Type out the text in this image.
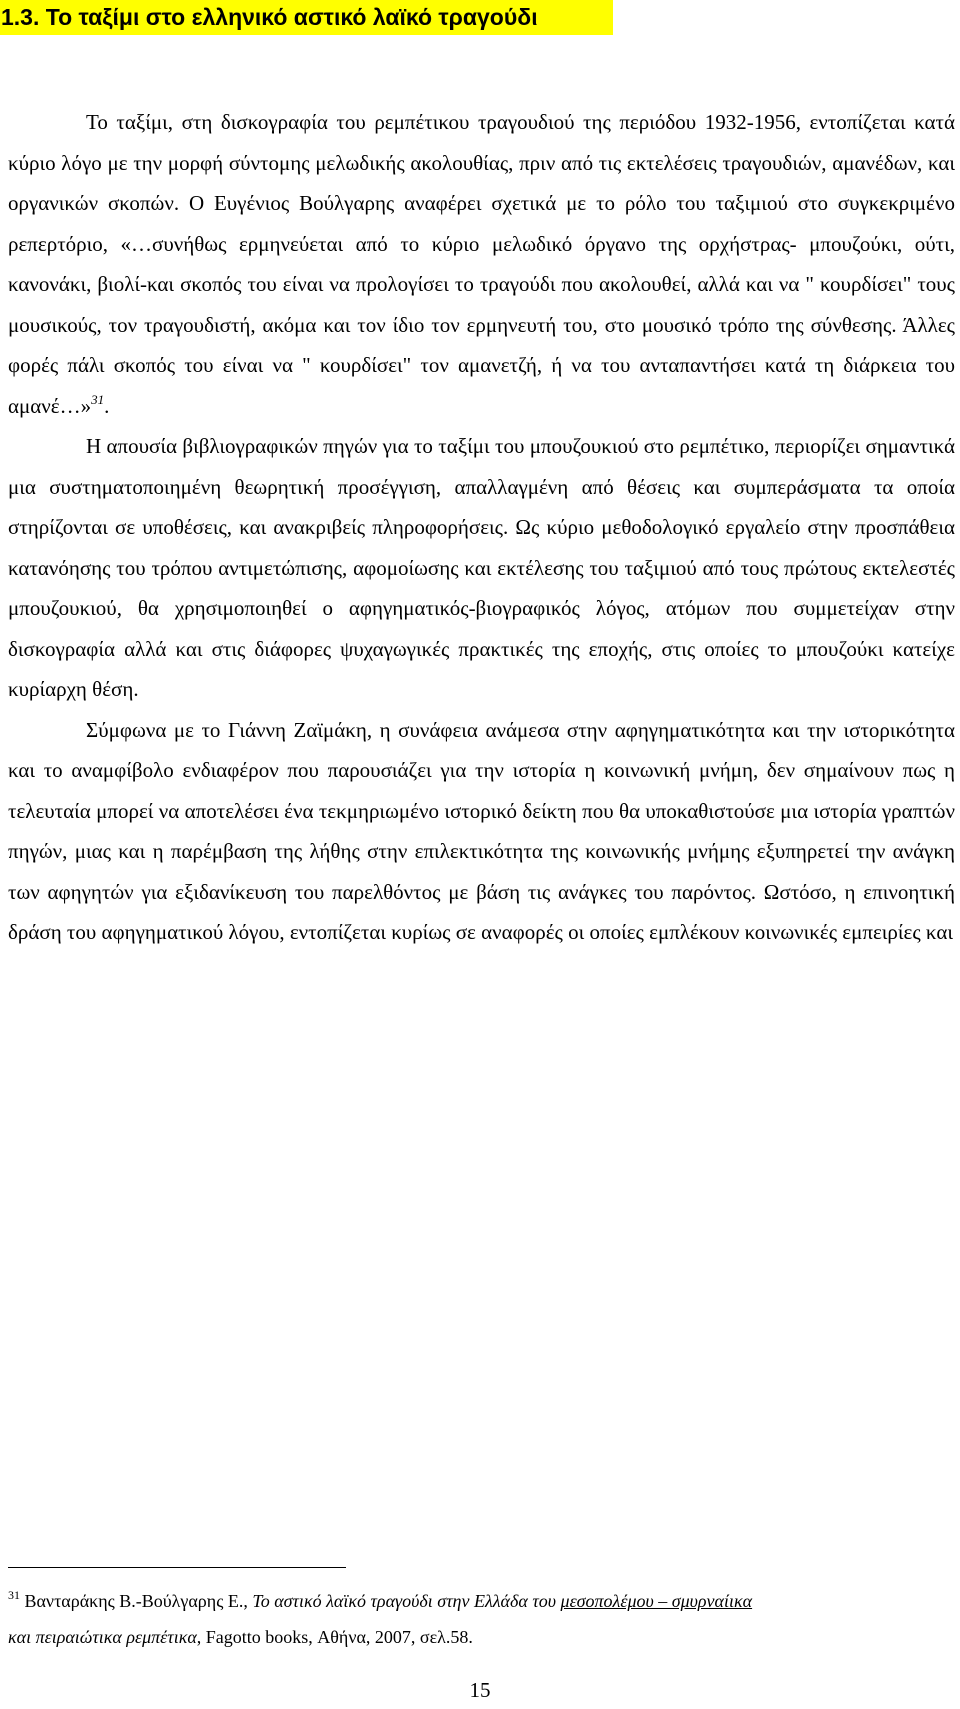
1.3. Το ταξίμι στο ελληνικό αστικό λαϊκό τραγούδι

Το ταξίμι, στη δισκογραφία του ρεμπέτικου τραγουδιού της περιόδου 1932-1956, εντοπίζεται κατά κύριο λόγο με την μορφή σύντομης μελωδικής ακολουθίας, πριν από τις εκτελέσεις τραγουδιών, αμανέδων, και οργανικών σκοπών. Ο Ευγένιος Βούλγαρης αναφέρει σχετικά με το ρόλο του ταξιμιού στο συγκεκριμένο ρεπερτόριο, «…συνήθως ερμηνεύεται από το κύριο μελωδικό όργανο της ορχήστρας- μπουζούκι, ούτι, κανονάκι, βιολί-και σκοπός του είναι να προλογίσει το τραγούδι που ακολουθεί, αλλά και να " κουρδίσει" τους μουσικούς, τον τραγουδιστή, ακόμα και τον ίδιο τον ερμηνευτή του, στο μουσικό τρόπο της σύνθεσης. Άλλες φορές πάλι σκοπός του είναι να " κουρδίσει" τον αμανετζή, ή να του ανταπαντήσει κατά τη διάρκεια του αμανέ…»$^{31}$.

Η απουσία βιβλιογραφικών πηγών για το ταξίμι του μπουζουκιού στο ρεμπέτικο, περιορίζει σημαντικά μια συστηματοποιημένη θεωρητική προσέγγιση, απαλλαγμένη από θέσεις και συμπεράσματα τα οποία στηρίζονται σε υποθέσεις, και ανακριβείς πληροφορήσεις. Ως κύριο μεθοδολογικό εργαλείο στην προσπάθεια κατανόησης του τρόπου αντιμετώπισης, αφομοίωσης και εκτέλεσης του ταξιμιού από τους πρώτους εκτελεστές μπουζουκιού, θα χρησιμοποιηθεί ο αφηγηματικός-βιογραφικός λόγος, ατόμων που συμμετείχαν στην δισκογραφία αλλά και στις διάφορες ψυχαγωγικές πρακτικές της εποχής, στις οποίες το μπουζούκι κατείχε κυρίαρχη θέση.

Σύμφωνα με το Γιάννη Ζαϊμάκη, η συνάφεια ανάμεσα στην αφηγηματικότητα και την ιστορικότητα και το αναμφίβολο ενδιαφέρον που παρουσιάζει για την ιστορία η κοινωνική μνήμη, δεν σημαίνουν πως η τελευταία μπορεί να αποτελέσει ένα τεκμηριωμένο ιστορικό δείκτη που θα υποκαθιστούσε μια ιστορία γραπτών πηγών, μιας και η παρέμβαση της λήθης στην επιλεκτικότητα της κοινωνικής μνήμης εξυπηρετεί την ανάγκη των αφηγητών για εξιδανίκευση του παρελθόντος με βάση τις ανάγκες του παρόντος. Ωστόσο, η επινοητική δράση του αφηγηματικού λόγου, εντοπίζεται κυρίως σε αναφορές οι οποίες εμπλέκουν κοινωνικές εμπειρίες και

$^{31}$ Βανταράκης Β.-Βούλγαρης Ε., Το αστικό λαϊκό τραγούδι στην Ελλάδα του μεσοπολέμου – σμυρναίικα
και πειραιώτικα ρεμπέτικα, Fagotto books, Αθήνα, 2007, σελ.58.
15
